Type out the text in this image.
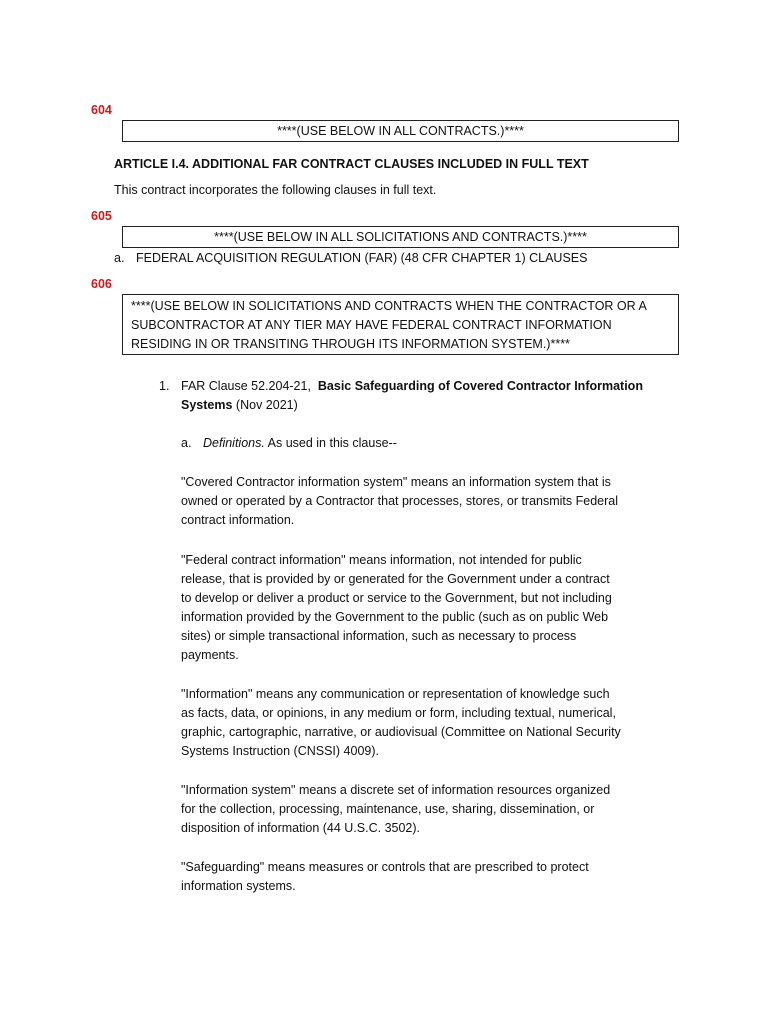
604
****(USE BELOW IN ALL CONTRACTS.)****
ARTICLE I.4. ADDITIONAL FAR CONTRACT CLAUSES INCLUDED IN FULL TEXT
This contract incorporates the following clauses in full text.
605
****(USE BELOW IN ALL SOLICITATIONS AND CONTRACTS.)****
a. FEDERAL ACQUISITION REGULATION (FAR) (48 CFR CHAPTER 1) CLAUSES
606
****(USE BELOW IN SOLICITATIONS AND CONTRACTS WHEN THE CONTRACTOR OR A
SUBCONTRACTOR AT ANY TIER MAY HAVE FEDERAL CONTRACT INFORMATION
RESIDING IN OR TRANSITING THROUGH ITS INFORMATION SYSTEM.)****
1. FAR Clause 52.204-21, Basic Safeguarding of Covered Contractor Information
Systems (Nov 2021)
a. Definitions. As used in this clause--
"Covered Contractor information system" means an information system that is
owned or operated by a Contractor that processes, stores, or transmits Federal
contract information.
"Federal contract information" means information, not intended for public
release, that is provided by or generated for the Government under a contract
to develop or deliver a product or service to the Government, but not including
information provided by the Government to the public (such as on public Web
sites) or simple transactional information, such as necessary to process
payments.
"Information" means any communication or representation of knowledge such
as facts, data, or opinions, in any medium or form, including textual, numerical,
graphic, cartographic, narrative, or audiovisual (Committee on National Security
Systems Instruction (CNSSI) 4009).
"Information system" means a discrete set of information resources organized
for the collection, processing, maintenance, use, sharing, dissemination, or
disposition of information (44 U.S.C. 3502).
"Safeguarding" means measures or controls that are prescribed to protect
information systems.
